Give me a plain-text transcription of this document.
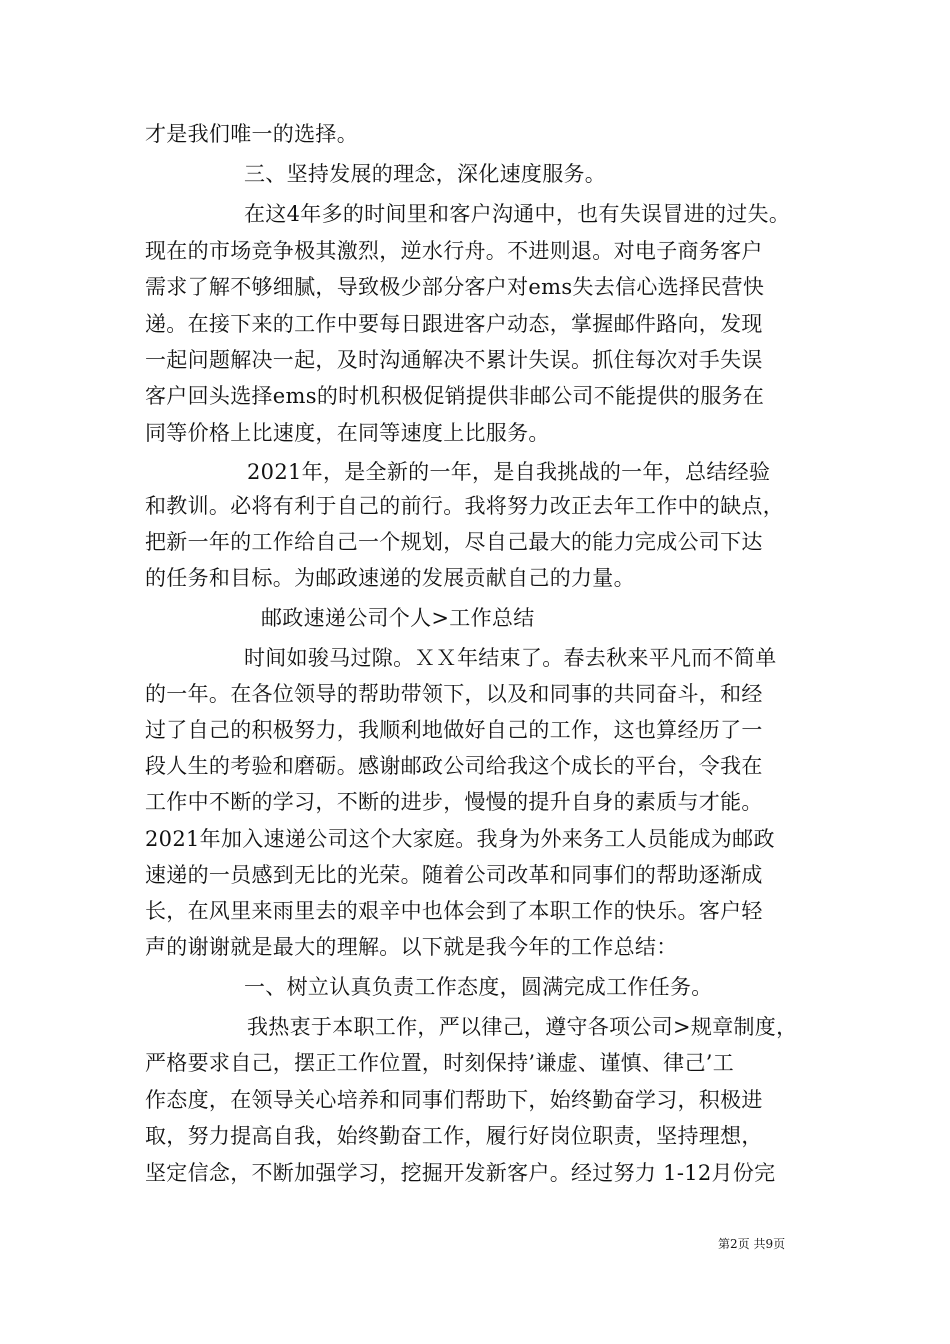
才是我们唯一的选择。
三、坚持发展的理念，深化速度服务。
在这4年多的时间里和客户沟通中，也有失误冒进的过失。
现在的市场竞争极其激烈，逆水行舟。不进则退。对电子商务客户
需求了解不够细腻，导致极少部分客户对ems失去信心选择民营快
递。在接下来的工作中要每日跟进客户动态，掌握邮件路向，发现
一起问题解决一起，及时沟通解决不累计失误。抓住每次对手失误
客户回头选择ems的时机积极促销提供非邮公司不能提供的服务在
同等价格上比速度，在同等速度上比服务。
2021年，是全新的一年，是自我挑战的一年，总结经验
和教训。必将有利于自己的前行。我将努力改正去年工作中的缺点，
把新一年的工作给自己一个规划，尽自己最大的能力完成公司下达
的任务和目标。为邮政速递的发展贡献自己的力量。
邮政速递公司个人>工作总结
时间如骏马过隙。ＸＸ年结束了。春去秋来平凡而不简单
的一年。在各位领导的帮助带领下，以及和同事的共同奋斗，和经
过了自己的积极努力，我顺利地做好自己的工作，这也算经历了一
段人生的考验和磨砺。感谢邮政公司给我这个成长的平台，令我在
工作中不断的学习，不断的进步，慢慢的提升自身的素质与才能。
2021年加入速递公司这个大家庭。我身为外来务工人员能成为邮政
速递的一员感到无比的光荣。随着公司改革和同事们的帮助逐渐成
长，在风里来雨里去的艰辛中也体会到了本职工作的快乐。客户轻
声的谢谢就是最大的理解。以下就是我今年的工作总结：
一、树立认真负责工作态度，圆满完成工作任务。
我热衷于本职工作，严以律己，遵守各项公司>规章制度，
严格要求自己，摆正工作位置，时刻保持’谦虚、谨慎、律己’工
作态度，在领导关心培养和同事们帮助下，始终勤奋学习，积极进
取，努力提高自我，始终勤奋工作，履行好岗位职责，坚持理想，
坚定信念，不断加强学习，挖掘开发新客户。经过努力 1-12月份完
第2页 共9页
